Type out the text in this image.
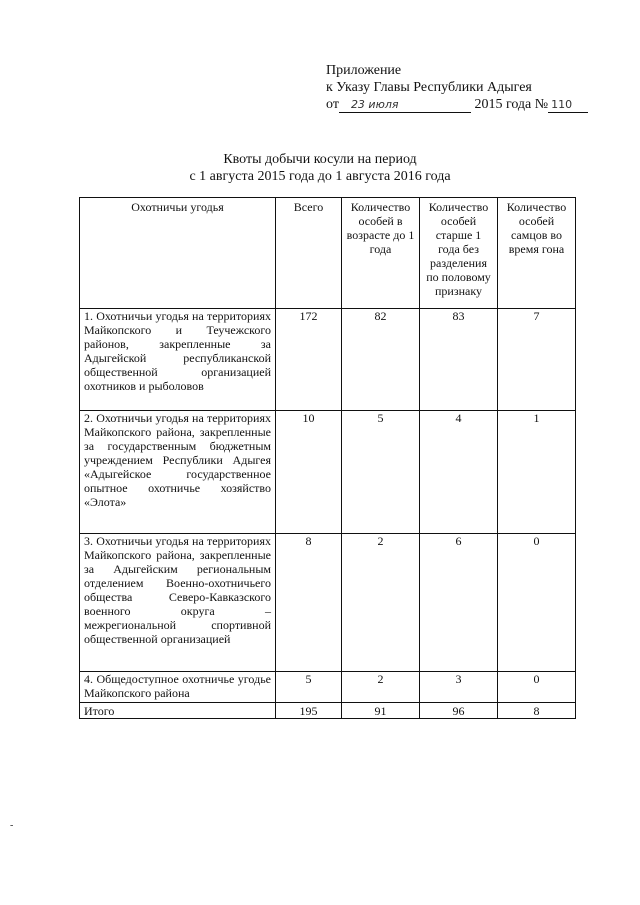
Приложение
к Указу Главы Республики Адыгея
от 23 июля	2015 года № 110
Квоты добычи косули на период
с 1 августа 2015 года до 1 августа 2016 года
Охотничьи угодья	Всего	Количество особей в возрасте до 1 года	Количество особей старше 1 года без разделения по половому признаку	Количество особей самцов во время гона
1. Охотничьи угодья на территориях Майкопского и Теучежского районов, закрепленные за Адыгейской республиканской общественной организацией охотников и рыболовов	172	82	83	7
2. Охотничьи угодья на территориях Майкопского района, закрепленные за государственным бюджетным учреждением Республики Адыгея «Адыгейское государственное опытное охотничье хозяйство «Элота»	10	5	4	1
3. Охотничьи угодья на территориях Майкопского района, закрепленные за Адыгейским региональным отделением Военно-охотничьего общества Северо-Кавказского военного округа – межрегиональной спортивной общественной организацией	8	2	6	0
4. Общедоступное охотничье угодье Майкопского района	5	2	3	0
Итого	195	91	96	8
-
